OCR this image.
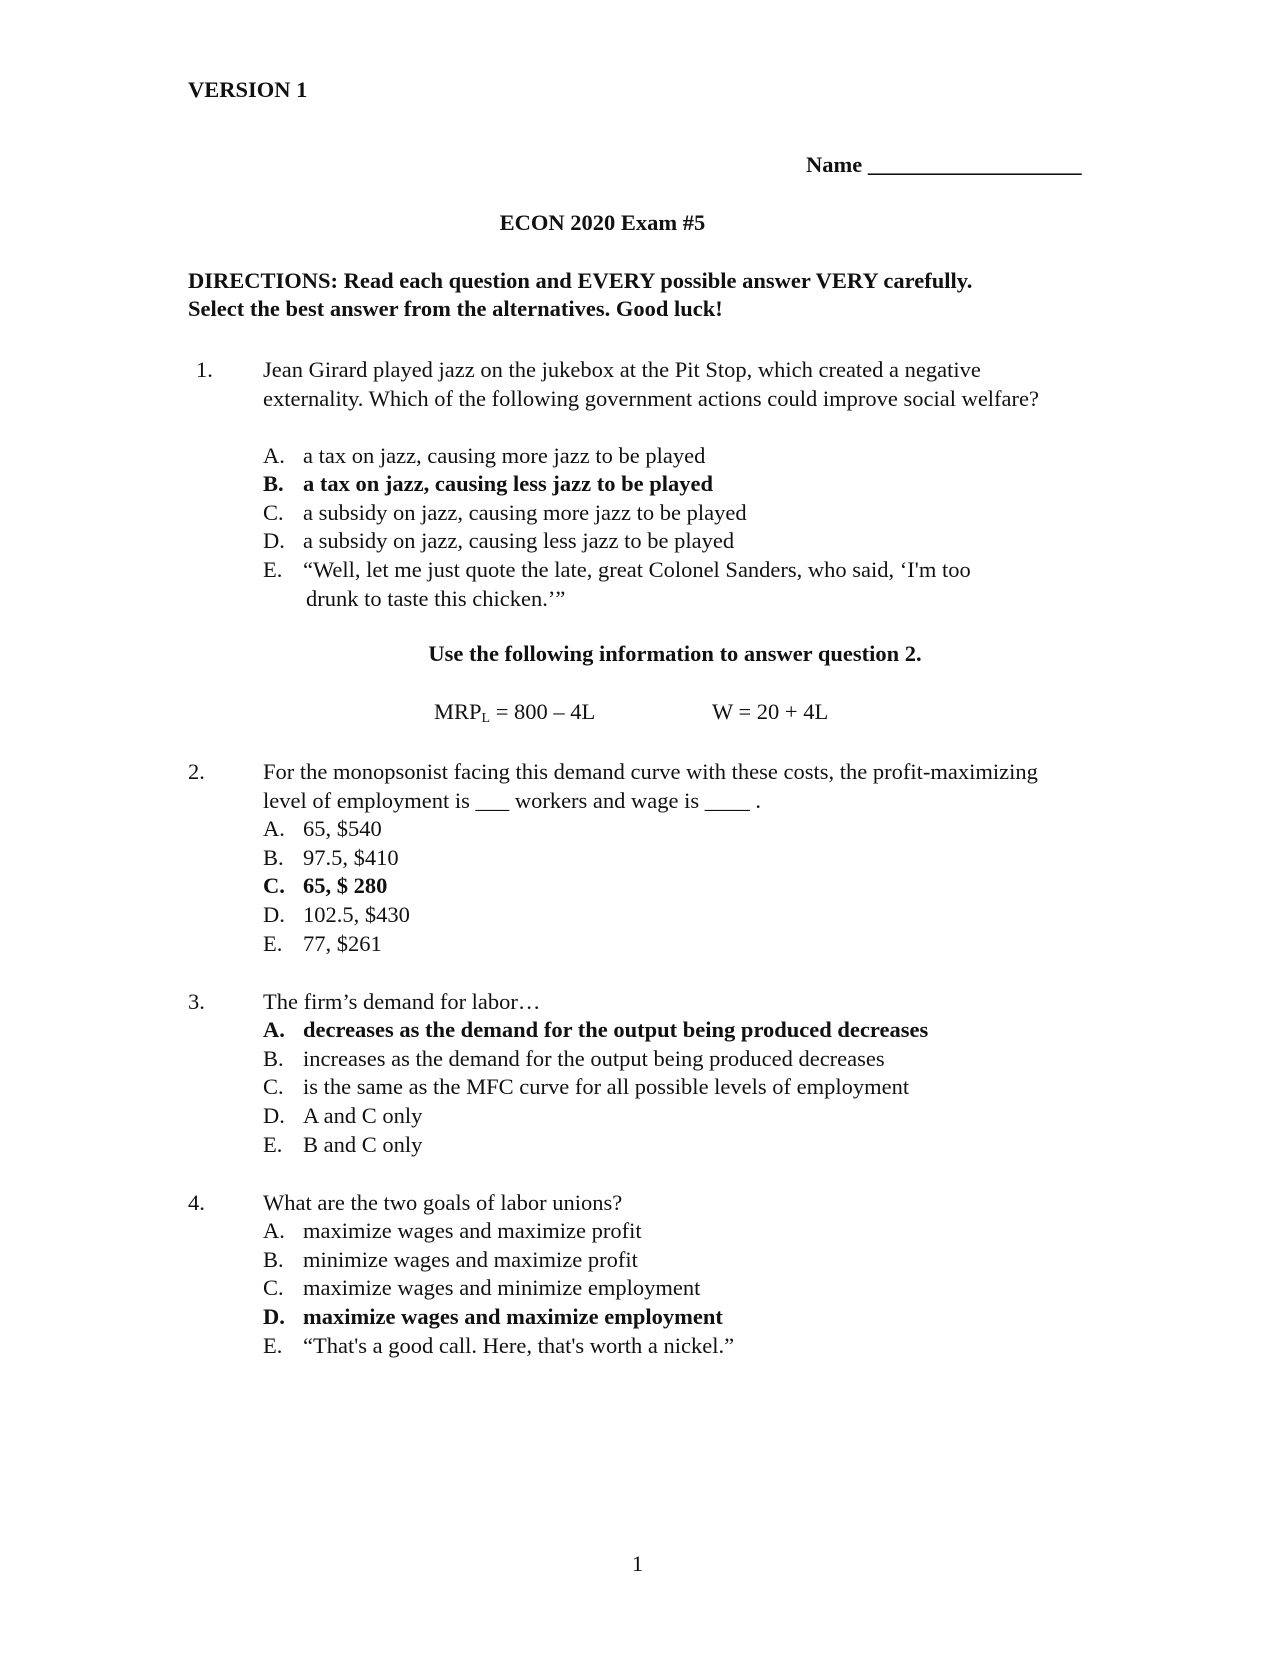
VERSION 1
Name ___________________
ECON 2020 Exam #5
DIRECTIONS: Read each question and EVERY possible answer VERY carefully.
Select the best answer from the alternatives. Good luck!
1. Jean Girard played jazz on the jukebox at the Pit Stop, which created a negative externality. Which of the following government actions could improve social welfare?
A. a tax on jazz, causing more jazz to be played
B. a tax on jazz, causing less jazz to be played
C. a subsidy on jazz, causing more jazz to be played
D. a subsidy on jazz, causing less jazz to be played
E. “Well, let me just quote the late, great Colonel Sanders, who said, ‘I'm too
drunk to taste this chicken.’”
Use the following information to answer question 2.
$MRP_L = 800 - 4L$	W = 20 + 4L
2.	For the monopsonist facing this demand curve with these costs, the profit-maximizing level of employment is ___ workers and wage is ____ .
A. 65, $540
B. 97.5, $410
C. 65, $ 280
D. 102.5, $430
E. 77, $261
3.	The firm’s demand for labor…
A. decreases as the demand for the output being produced decreases
B. increases as the demand for the output being produced decreases
C. is the same as the MFC curve for all possible levels of employment
D. A and C only
E. B and C only
4.	What are the two goals of labor unions?
A. maximize wages and maximize profit
B. minimize wages and maximize profit
C. maximize wages and minimize employment
D. maximize wages and maximize employment
E. “That's a good call. Here, that's worth a nickel.”
1
